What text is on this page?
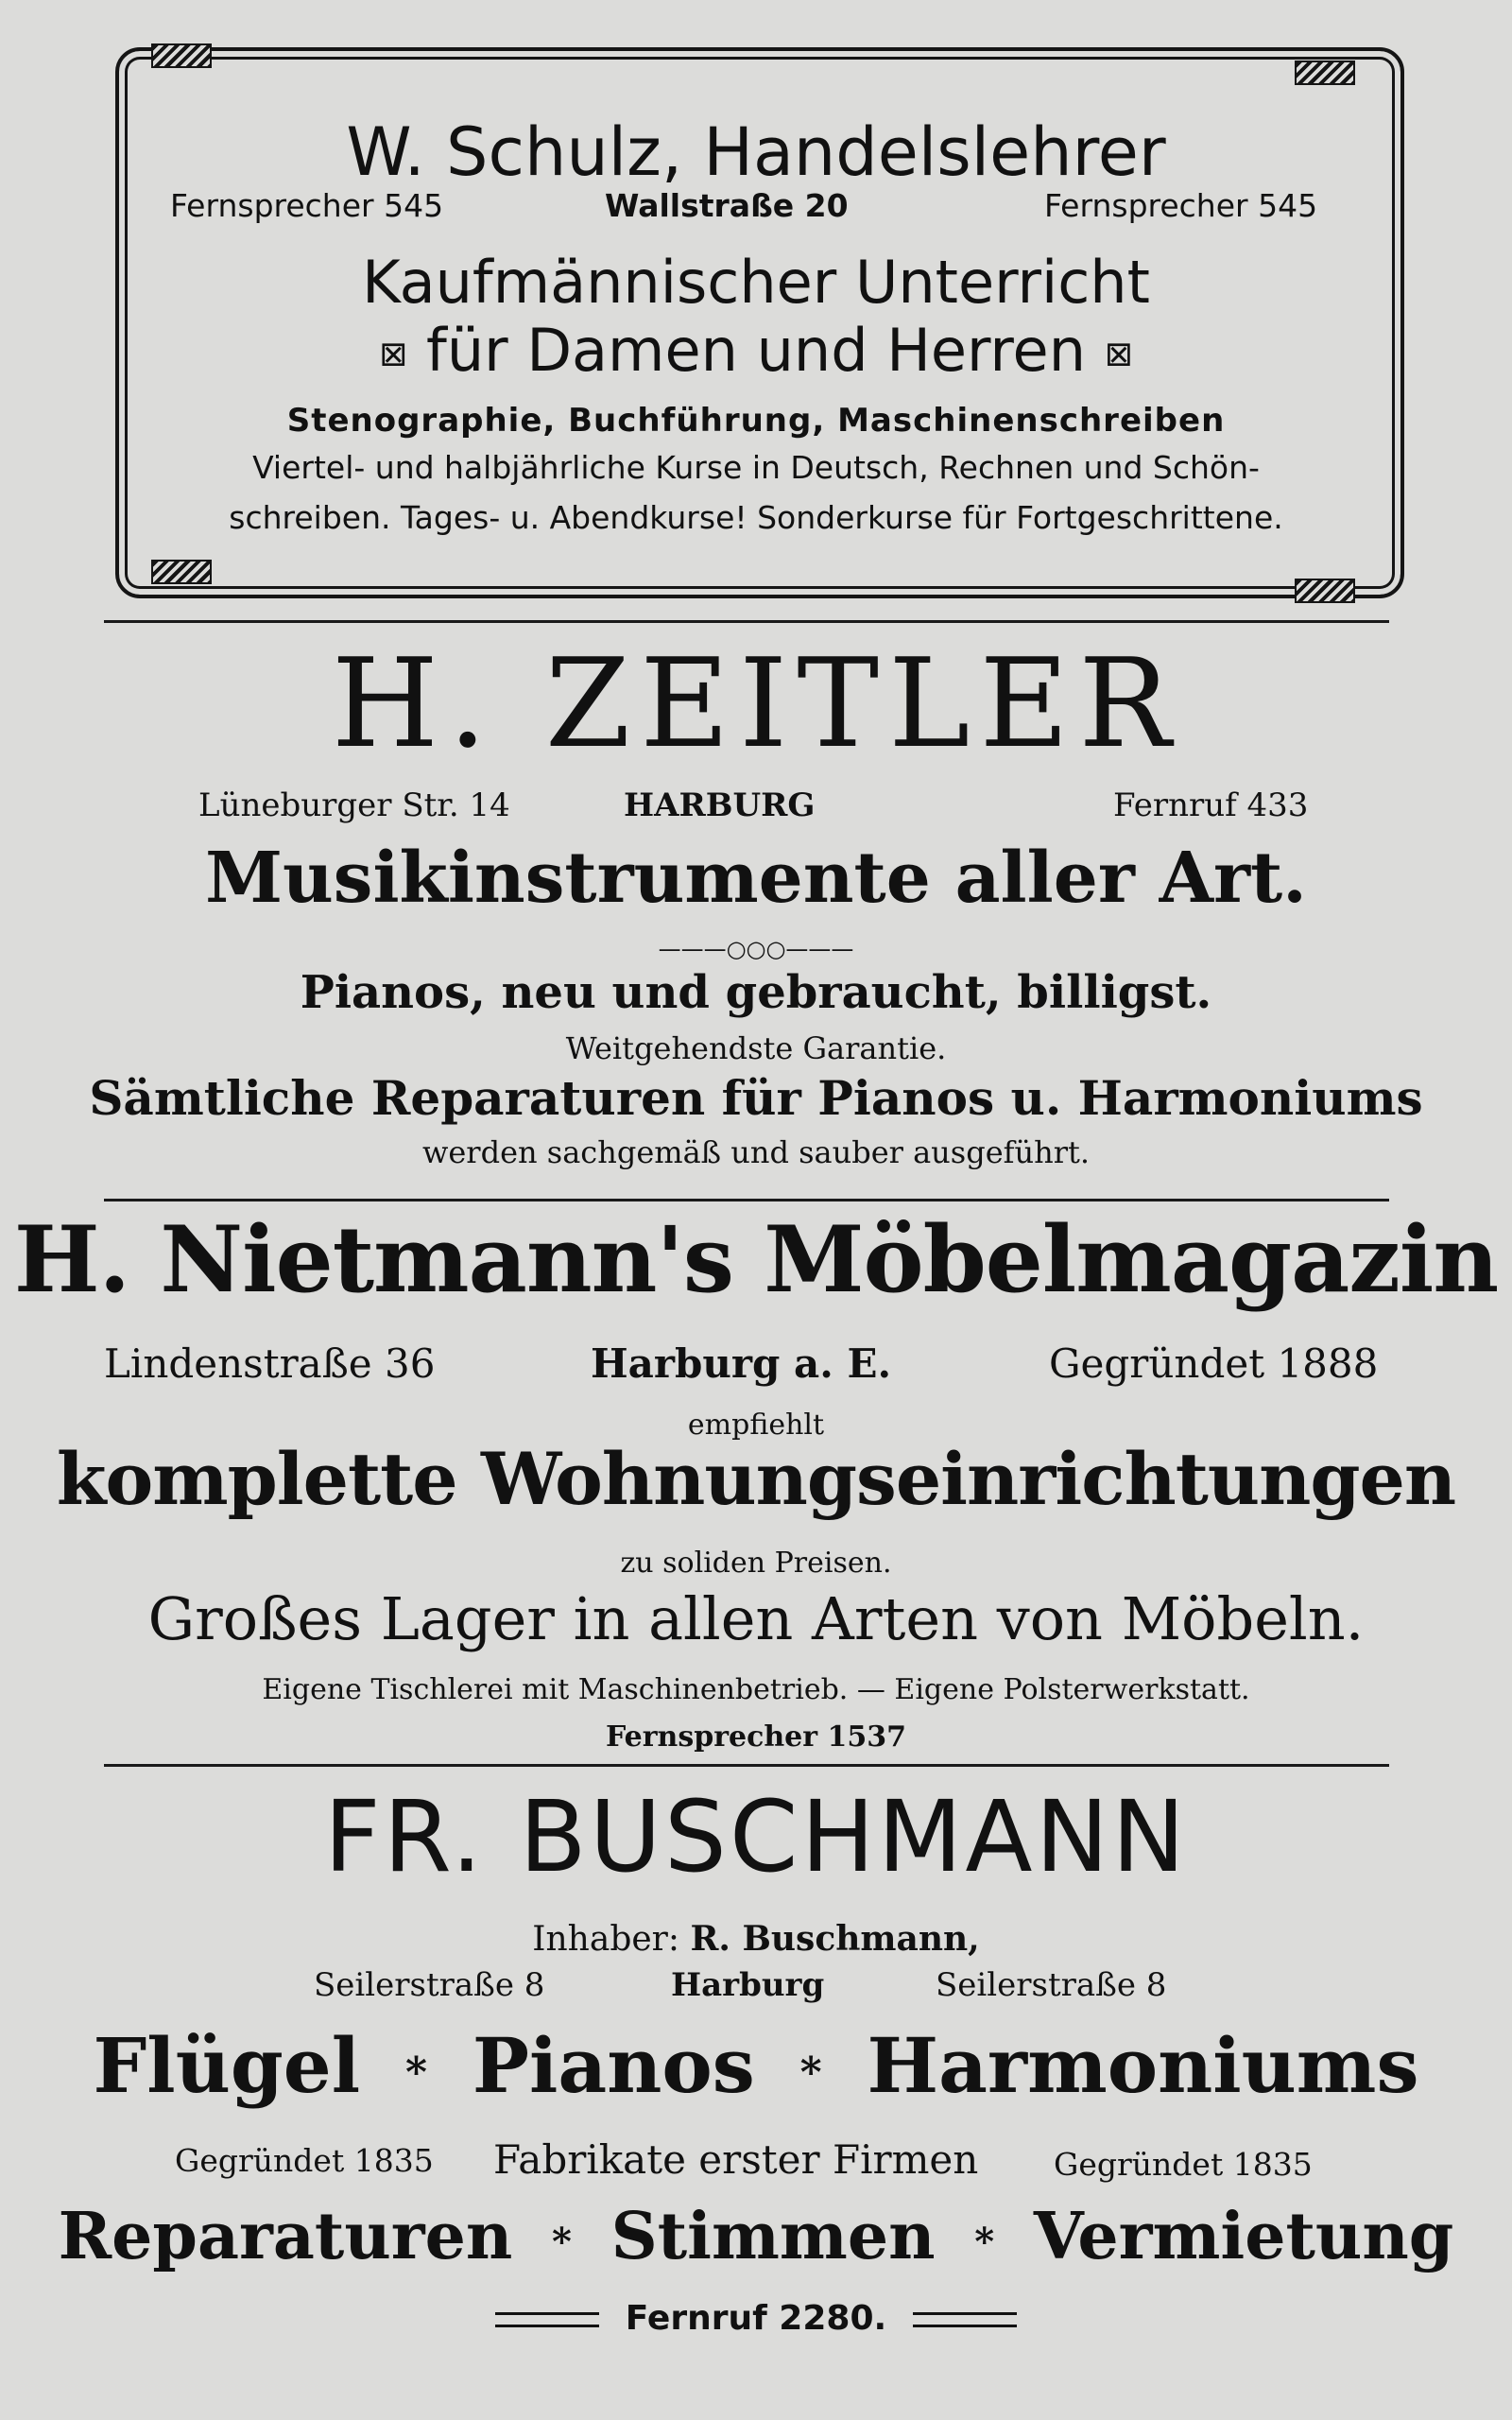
W. Schulz, Handelslehrer
Fernsprecher 545	Wallstraße 20	Fernsprecher 545
Kaufmännischer Unterricht
⊠ für Damen und Herren ⊠
Stenographie, Buchführung, Maschinenschreiben
Viertel- und halbjährliche Kurse in Deutsch, Rechnen und Schön-
schreiben. Tages- u. Abendkurse! Sonderkurse für Fortgeschrittene.
H. ZEITLER
Lüneburger Str. 14	HARBURG	Fernruf 433
Musikinstrumente aller Art.
———○○○———
Pianos, neu und gebraucht, billigst.
Weitgehendste Garantie.
Sämtliche Reparaturen für Pianos u. Harmoniums
werden sachgemäß und sauber ausgeführt.
H. Nietmann's Möbelmagazin
Lindenstraße 36	Harburg a. E.	Gegründet 1888
empfiehlt
komplette Wohnungseinrichtungen
zu soliden Preisen.
Großes Lager in allen Arten von Möbeln.
Eigene Tischlerei mit Maschinenbetrieb. — Eigene Polsterwerkstatt.
Fernsprecher 1537
FR. BUSCHMANN
Inhaber: R. Buschmann,
Seilerstraße 8	Harburg	Seilerstraße 8
Flügel * Pianos * Harmoniums
Gegründet 1835 Fabrikate erster Firmen Gegründet 1835
Reparaturen * Stimmen * Vermietung
Fernruf 2280.
